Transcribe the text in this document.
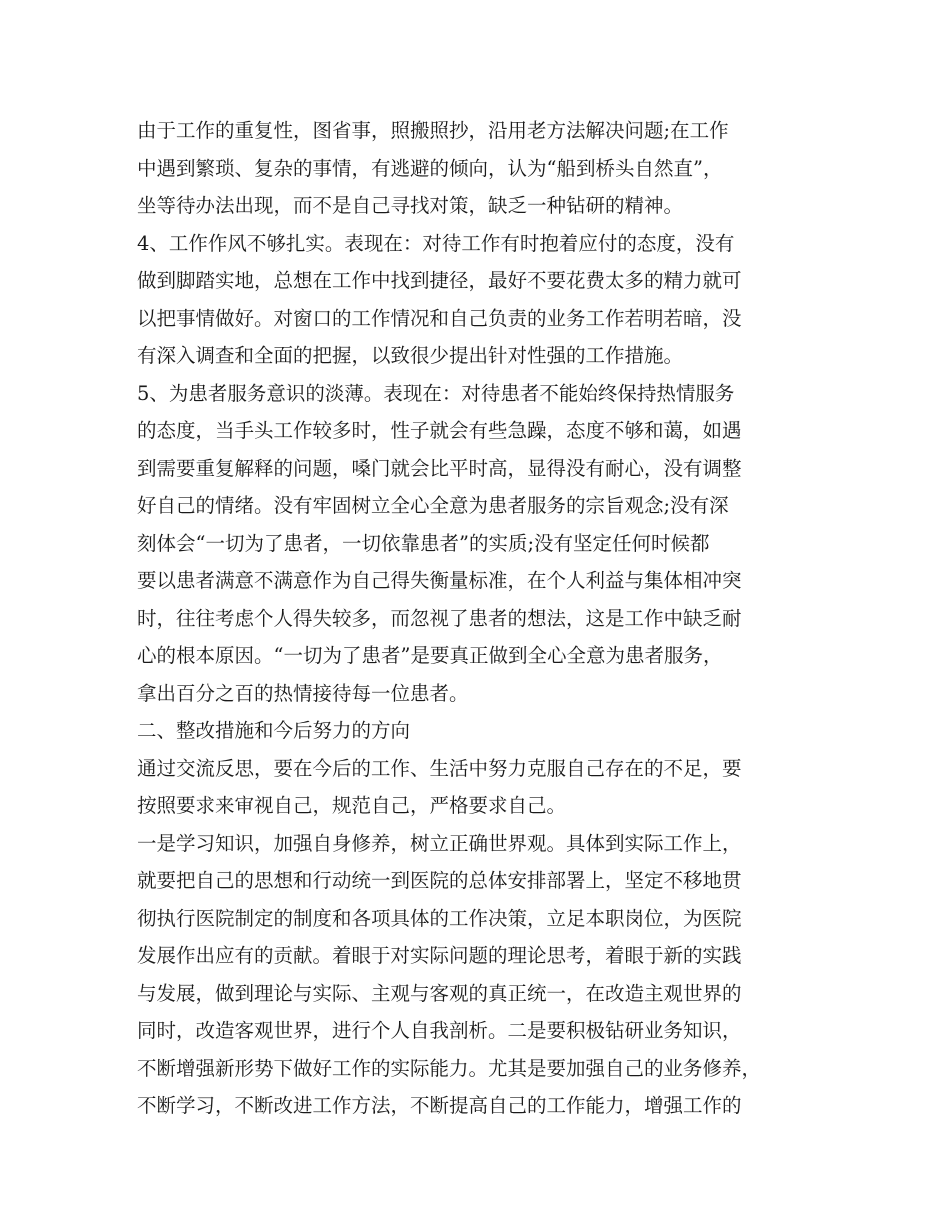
由于工作的重复性，图省事，照搬照抄，沿用老方法解决问题;在工作
中遇到繁琐、复杂的事情，有逃避的倾向，认为“船到桥头自然直”，
坐等待办法出现，而不是自己寻找对策，缺乏一种钻研的精神。
4、工作作风不够扎实。表现在：对待工作有时抱着应付的态度，没有
做到脚踏实地，总想在工作中找到捷径，最好不要花费太多的精力就可
以把事情做好。对窗口的工作情况和自己负责的业务工作若明若暗，没
有深入调查和全面的把握，以致很少提出针对性强的工作措施。
5、为患者服务意识的淡薄。表现在：对待患者不能始终保持热情服务
的态度，当手头工作较多时，性子就会有些急躁，态度不够和蔼，如遇
到需要重复解释的问题，嗓门就会比平时高，显得没有耐心，没有调整
好自己的情绪。没有牢固树立全心全意为患者服务的宗旨观念;没有深
刻体会“一切为了患者，一切依靠患者”的实质;没有坚定任何时候都
要以患者满意不满意作为自己得失衡量标准，在个人利益与集体相冲突
时，往往考虑个人得失较多，而忽视了患者的想法，这是工作中缺乏耐
心的根本原因。“一切为了患者”是要真正做到全心全意为患者服务，
拿出百分之百的热情接待每一位患者。
二、整改措施和今后努力的方向
通过交流反思，要在今后的工作、生活中努力克服自己存在的不足，要
按照要求来审视自己，规范自己，严格要求自己。
一是学习知识，加强自身修养，树立正确世界观。具体到实际工作上，
就要把自己的思想和行动统一到医院的总体安排部署上，坚定不移地贯
彻执行医院制定的制度和各项具体的工作决策，立足本职岗位，为医院
发展作出应有的贡献。着眼于对实际问题的理论思考，着眼于新的实践
与发展，做到理论与实际、主观与客观的真正统一，在改造主观世界的
同时，改造客观世界，进行个人自我剖析。二是要积极钻研业务知识，
不断增强新形势下做好工作的实际能力。尤其是要加强自己的业务修养，
不断学习，不断改进工作方法，不断提高自己的工作能力，增强工作的
